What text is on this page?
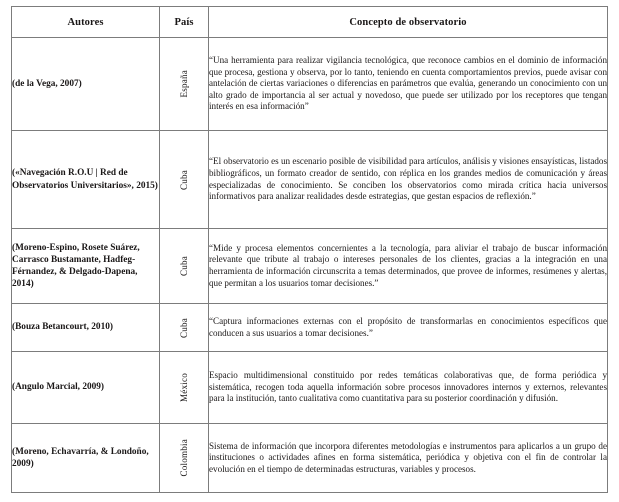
Autores	País	Concepto de observatorio
(de la Vega, 2007)	España	“Una herramienta para realizar vigilancia tecnológica, que reconoce cambios en el dominio de información que procesa, gestiona y observa, por lo tanto, teniendo en cuenta comportamientos previos, puede avisar con antelación de ciertas variaciones o diferencias en parámetros que evalúa, generando un conocimiento con un alto grado de importancia al ser actual y novedoso, que puede ser utilizado por los receptores que tengan interés en esa información”
(«Navegación R.O.U | Red de Observatorios Universitarios», 2015)	Cuba	“El observatorio es un escenario posible de visibilidad para artículos, análisis y visiones ensayísticas, listados bibliográficos, un formato creador de sentido, con réplica en los grandes medios de comunicación y áreas especializadas de conocimiento. Se conciben los observatorios como mirada crítica hacia universos informativos para analizar realidades desde estrategias, que gestan espacios de reflexión.”
(Moreno-Espino, Rosete Suárez, Carrasco Bustamante, Hadfeg-Férnandez, & Delgado-Dapena, 2014)	Cuba	“Mide y procesa elementos concernientes a la tecnología, para aliviar el trabajo de buscar información relevante que tribute al trabajo o intereses personales de los clientes, gracias a la integración en una herramienta de información circunscrita a temas determinados, que provee de informes, resúmenes y alertas, que permitan a los usuarios tomar decisiones.”
(Bouza Betancourt, 2010)	Cuba	“Captura informaciones externas con el propósito de transformarlas en conocimientos específicos que conducen a sus usuarios a tomar decisiones.”
(Angulo Marcial, 2009)	México	Espacio multidimensional constituido por redes temáticas colaborativas que, de forma periódica y sistemática, recogen toda aquella información sobre procesos innovadores internos y externos, relevantes para la institución, tanto cualitativa como cuantitativa para su posterior coordinación y difusión.
(Moreno, Echavarría, & Londoño, 2009)	Colombia	Sistema de información que incorpora diferentes metodologías e instrumentos para aplicarlos a un grupo de instituciones o actividades afines en forma sistemática, periódica y objetiva con el fin de controlar la evolución en el tiempo de determinadas estructuras, variables y procesos.
